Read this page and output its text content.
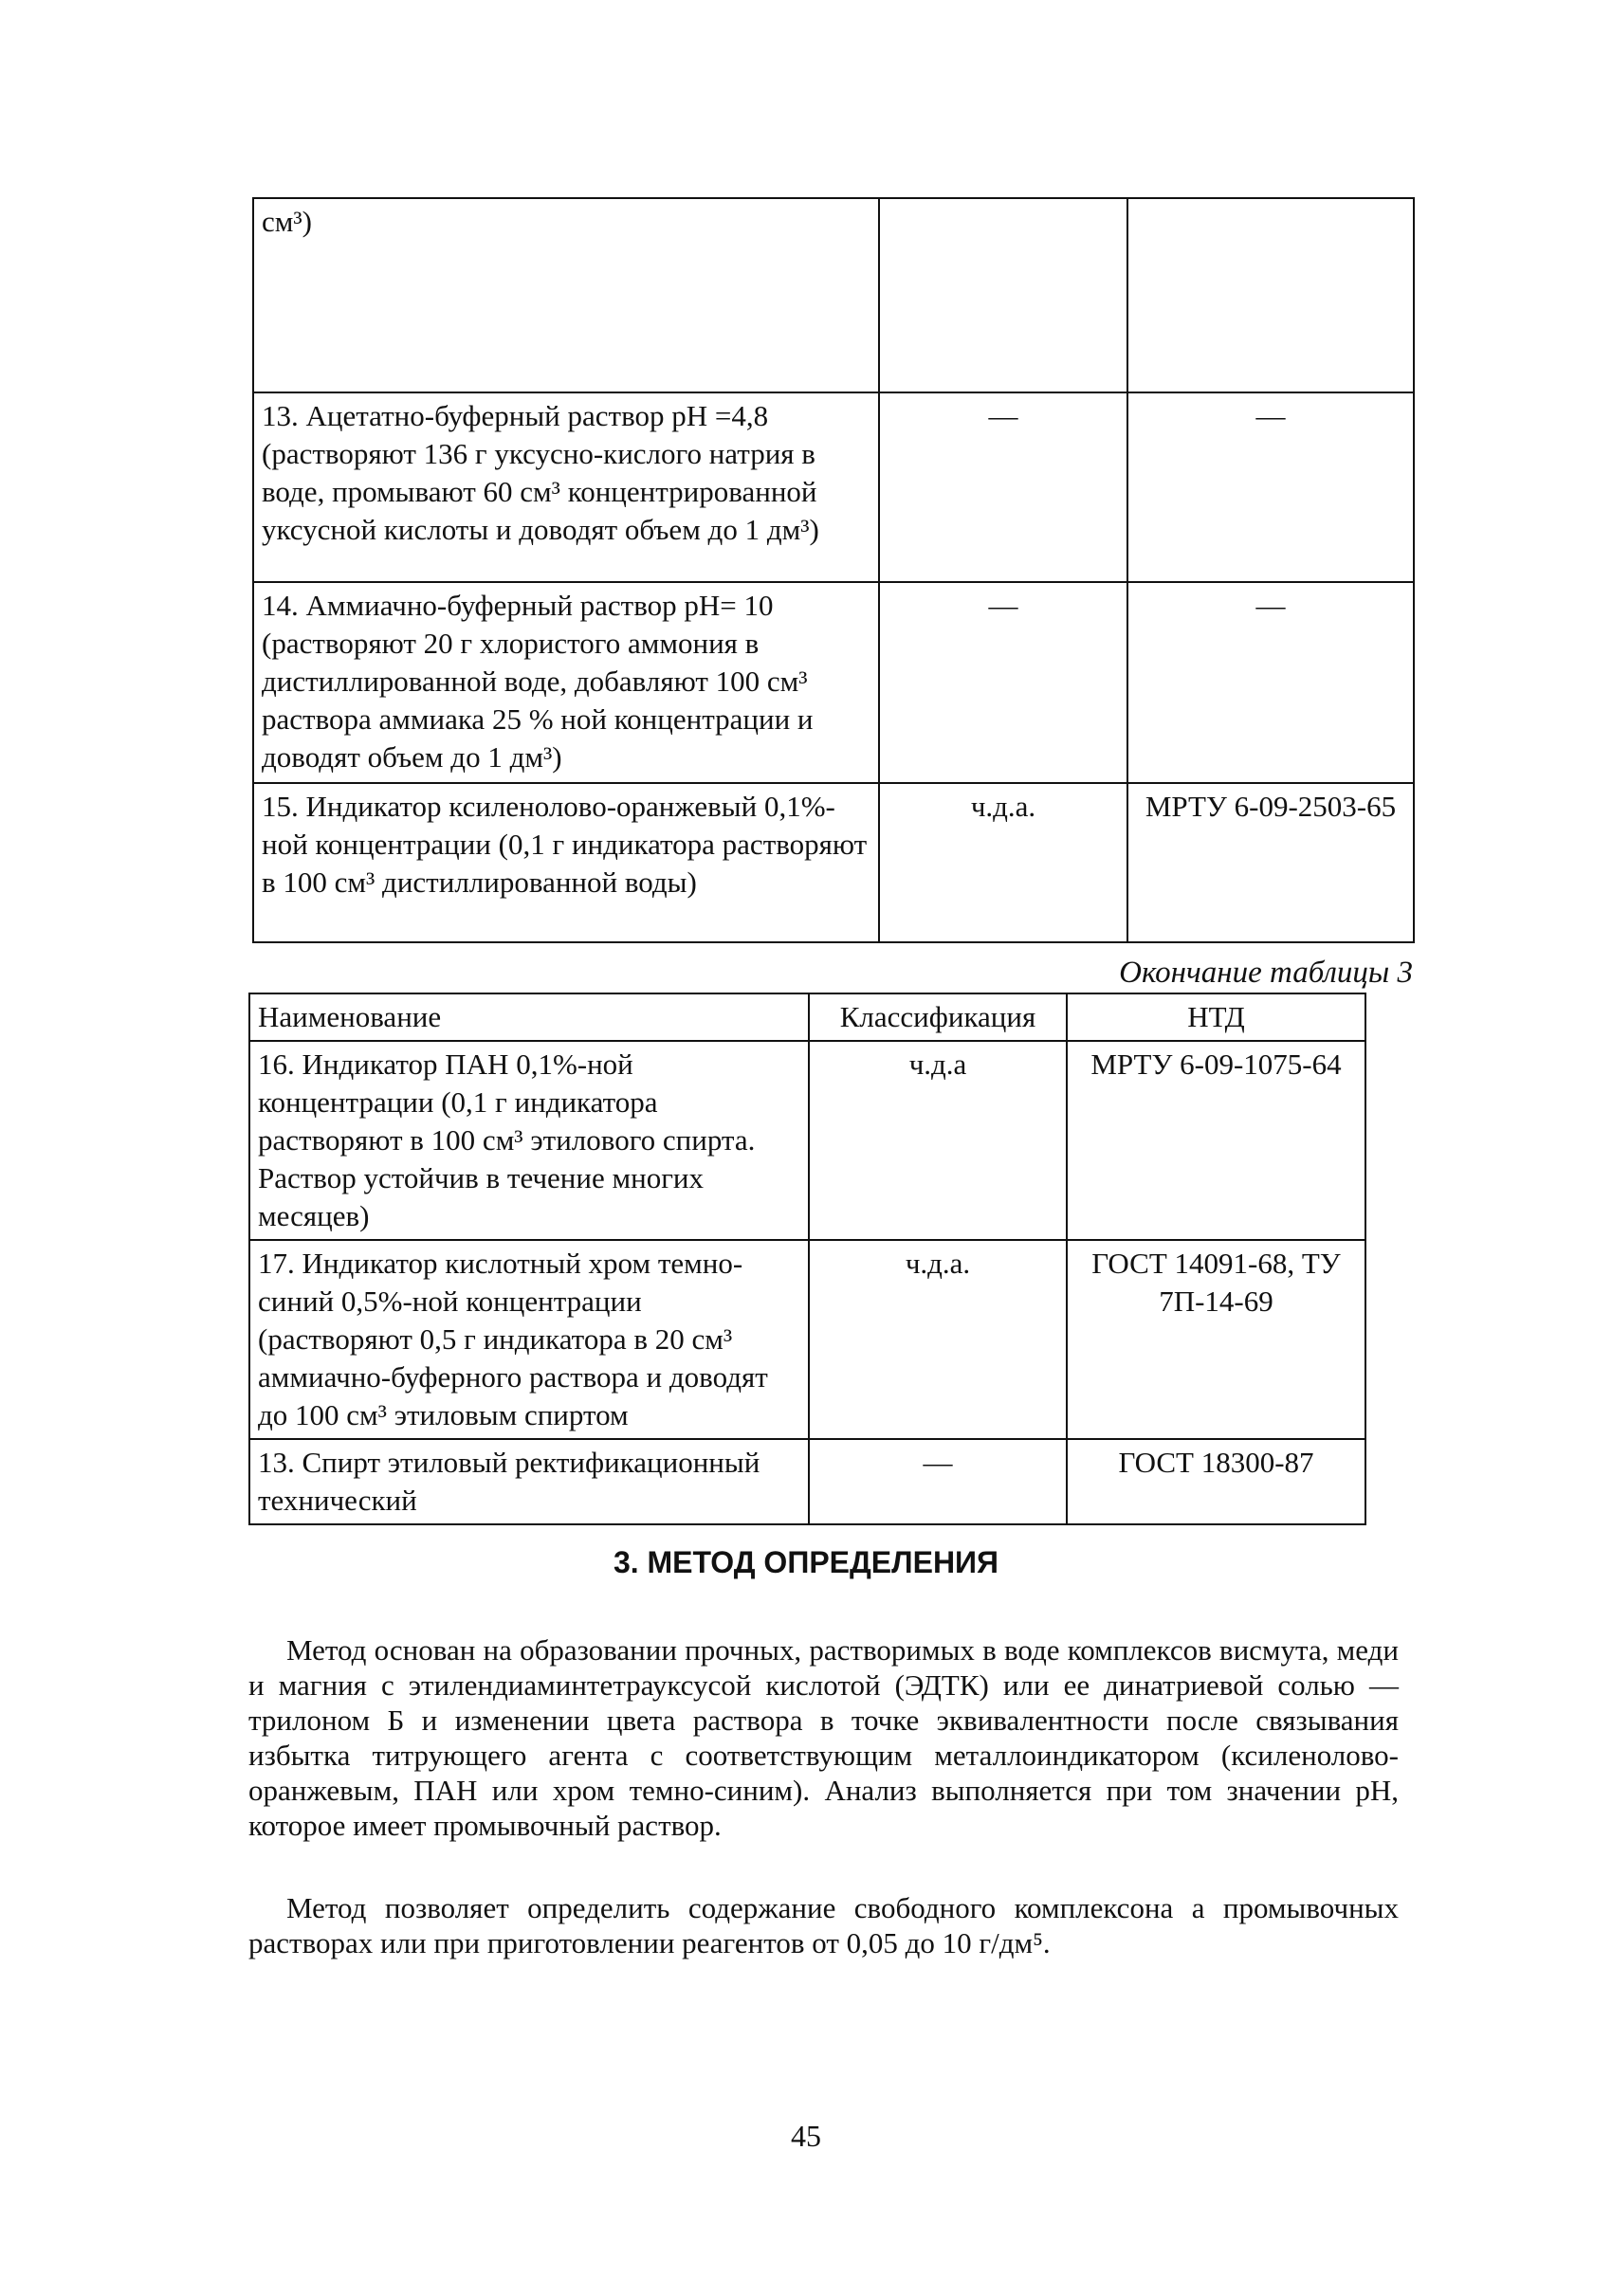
см³)		
13. Ацетатно-буферный раствор pH =4,8 (растворяют 136 г уксусно-кислого натрия в воде, промывают 60 см³ концентрированной уксусной кислоты и доводят объем до 1 дм³)	—	—
14. Аммиачно-буферный раствор pH= 10 (растворяют 20 г хлористого аммония в дистиллированной воде, добавляют 100 см³ раствора аммиака 25 % ной концентрации и доводят объем до 1 дм³)	—	—
15. Индикатор ксиленолово-оранжевый 0,1%-ной концентрации (0,1 г индикатора растворяют в 100 см³ дистиллированной воды)	ч.д.а.	МРТУ 6-09-2503-65
Окончание таблицы 3
Наименование	Классификация	НТД
16. Индикатор ПАН 0,1%-ной концентрации (0,1 г индикатора растворяют в 100 см³ этилового спирта. Раствор устойчив в течение многих месяцев)	ч.д.а	МРТУ 6-09-1075-64
17. Индикатор кислотный хром темно-синий 0,5%-ной концентрации (растворяют 0,5 г индикатора в 20 см³ аммиачно-буферного раствора и доводят до 100 см³ этиловым спиртом	ч.д.а.	ГОСТ 14091-68, ТУ 7П-14-69
13. Спирт этиловый ректификационный технический	—	ГОСТ 18300-87
3. МЕТОД ОПРЕДЕЛЕНИЯ

Метод основан на образовании прочных, растворимых в воде комплексов висмута, меди и магния с этилендиаминтетрауксусой кислотой (ЭДТК) или ее динатриевой солью — трилоном Б и изменении цвета раствора в точке эквивалентности после связывания избытка титрующего агента с соответствующим металлоиндикатором (ксиленолово-оранжевым, ПАН или хром темно-синим). Анализ выполняется при том значении pH, которое имеет промывочный раствор.

Метод позволяет определить содержание свободного комплексона а промывочных растворах или при приготовлении реагентов от 0,05 до 10 г/дм⁵.

45
